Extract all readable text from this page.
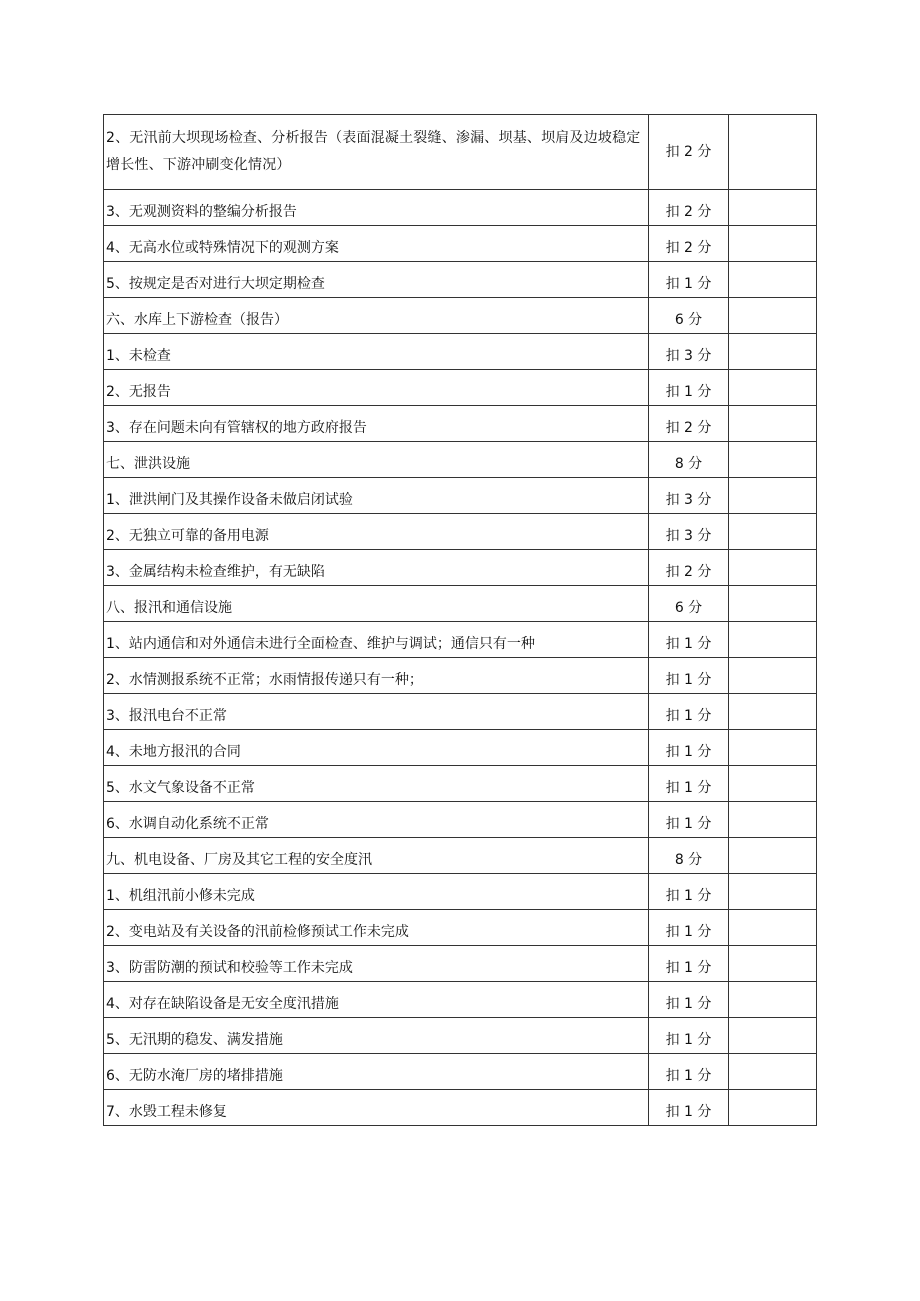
2、无汛前大坝现场检查、分析报告（表面混凝土裂缝、渗漏、坝基、坝肩及边坡稳定增长性、下游冲刷变化情况）	扣 2 分	
3、无观测资料的整编分析报告	扣 2 分	
4、无高水位或特殊情况下的观测方案	扣 2 分	
5、按规定是否对进行大坝定期检查	扣 1 分	
六、水库上下游检查（报告）	6 分	
1、未检查	扣 3 分	
2、无报告	扣 1 分	
3、存在问题未向有管辖权的地方政府报告	扣 2 分	
七、泄洪设施	8 分	
1、泄洪闸门及其操作设备未做启闭试验	扣 3 分	
2、无独立可靠的备用电源	扣 3 分	
3、金属结构未检查维护，有无缺陷	扣 2 分	
八、报汛和通信设施	6 分	
1、站内通信和对外通信未进行全面检查、维护与调试；通信只有一种	扣 1 分	
2、水情测报系统不正常；水雨情报传递只有一种；	扣 1 分	
3、报汛电台不正常	扣 1 分	
4、未地方报汛的合同	扣 1 分	
5、水文气象设备不正常	扣 1 分	
6、水调自动化系统不正常	扣 1 分	
九、机电设备、厂房及其它工程的安全度汛	8 分	
1、机组汛前小修未完成	扣 1 分	
2、变电站及有关设备的汛前检修预试工作未完成	扣 1 分	
3、防雷防潮的预试和校验等工作未完成	扣 1 分	
4、对存在缺陷设备是无安全度汛措施	扣 1 分	
5、无汛期的稳发、满发措施	扣 1 分	
6、无防水淹厂房的堵排措施	扣 1 分	
7、水毁工程未修复	扣 1 分	
